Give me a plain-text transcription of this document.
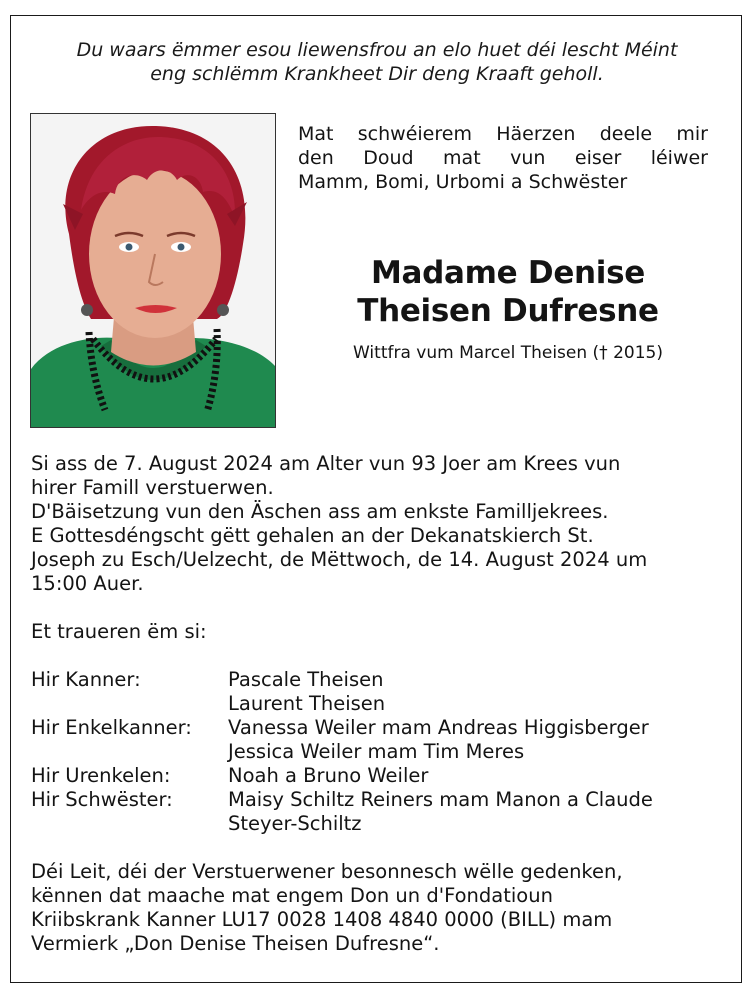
Du waars ëmmer esou liewensfrou an elo huet déi lescht Méint
eng schlëmm Krankheet Dir deng Kraaft geholl.
Mat schwéierem Häerzen deele mir
den Doud mat vun eiser léiwer
Mamm, Bomi, Urbomi a Schwëster
Madame Denise
Theisen Dufresne
Wittfra vum Marcel Theisen († 2015)
Si ass de 7. August 2024 am Alter vun 93 Joer am Krees vun
hirer Famill verstuerwen.
D'Bäisetzung vun den Äschen ass am enkste Familljekrees.
E Gottesdéngscht gëtt gehalen an der Dekanatskierch St.
Joseph zu Esch/Uelzecht, de Mëttwoch, de 14. August 2024 um
15:00 Auer.
Et traueren ëm si:
Hir Kanner:	Pascale Theisen
Laurent Theisen
Hir Enkelkanner:	Vanessa Weiler mam Andreas Higgisberger
Jessica Weiler mam Tim Meres
Hir Urenkelen:	Noah a Bruno Weiler
Hir Schwëster:	Maisy Schiltz Reiners mam Manon a Claude
Steyer-Schiltz
Déi Leit, déi der Verstuerwener besonnesch wëlle gedenken,
kënnen dat maache mat engem Don un d'Fondatioun
Kriibskrank Kanner LU17 0028 1408 4840 0000 (BILL) mam
Vermierk „Don Denise Theisen Dufresne“.
